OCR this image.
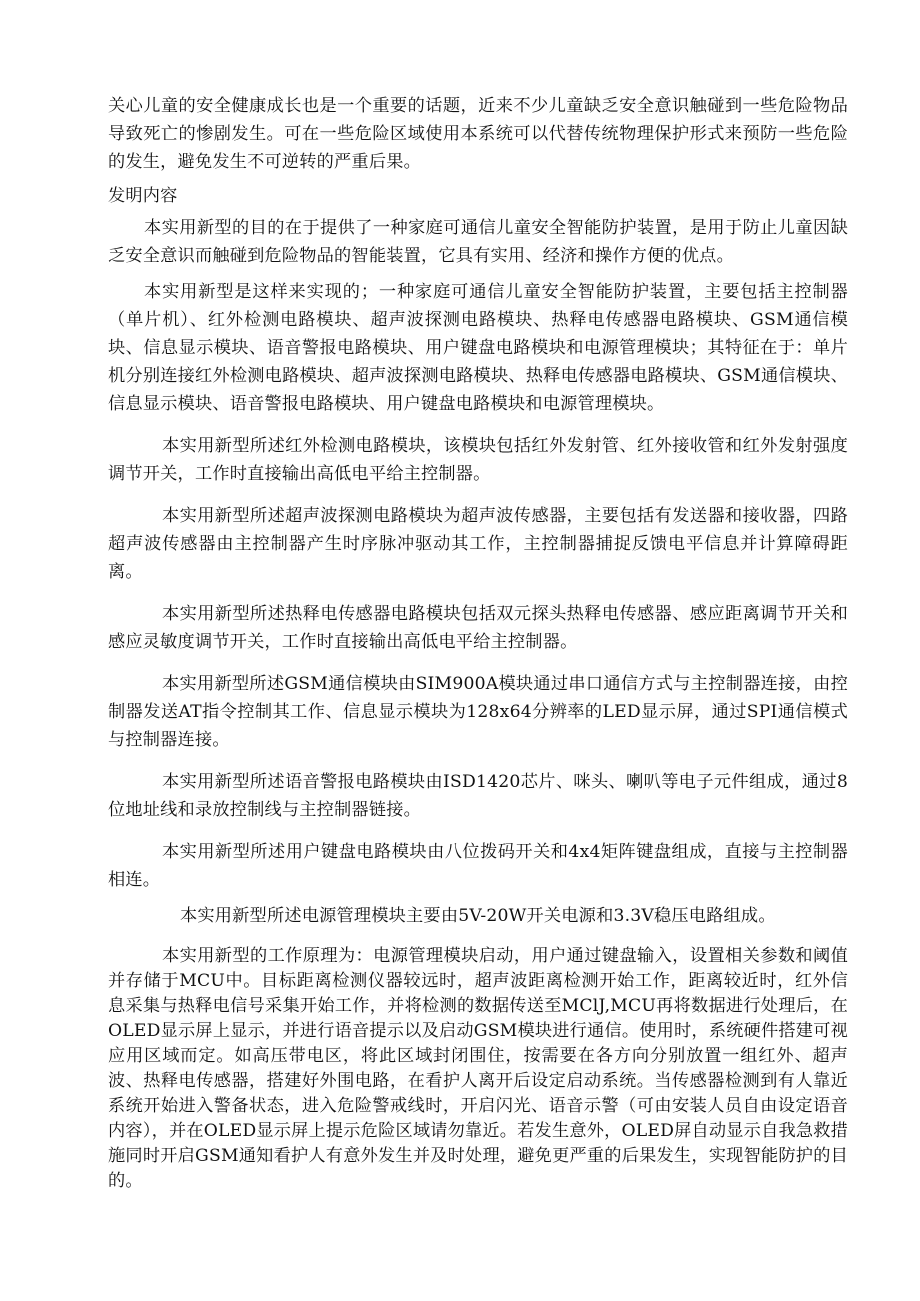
关心儿童的安全健康成长也是一个重要的话题，近来不少儿童缺乏安全意识触碰到一些危险物品导致死亡的惨剧发生。可在一些危险区域使用本系统可以代替传统物理保护形式来预防一些危险的发生，避免发生不可逆转的严重后果。

发明内容

本实用新型的目的在于提供了一种家庭可通信儿童安全智能防护装置，是用于防止儿童因缺乏安全意识而触碰到危险物品的智能装置，它具有实用、经济和操作方便的优点。

本实用新型是这样来实现的；一种家庭可通信儿童安全智能防护装置，主要包括主控制器（单片机）、红外检测电路模块、超声波探测电路模块、热释电传感器电路模块、GSM通信模块、信息显示模块、语音警报电路模块、用户键盘电路模块和电源管理模块；其特征在于：单片机分别连接红外检测电路模块、超声波探测电路模块、热释电传感器电路模块、GSM通信模块、信息显示模块、语音警报电路模块、用户键盘电路模块和电源管理模块。

本实用新型所述红外检测电路模块，该模块包括红外发射管、红外接收管和红外发射强度调节开关，工作时直接输出高低电平给主控制器。

本实用新型所述超声波探测电路模块为超声波传感器，主要包括有发送器和接收器，四路超声波传感器由主控制器产生时序脉冲驱动其工作，主控制器捕捉反馈电平信息并计算障碍距离。

本实用新型所述热释电传感器电路模块包括双元探头热释电传感器、感应距离调节开关和感应灵敏度调节开关，工作时直接输出高低电平给主控制器。

本实用新型所述GSM通信模块由SIM900A模块通过串口通信方式与主控制器连接，由控制器发送AT指令控制其工作、信息显示模块为128x64分辨率的LED显示屏，通过SPI通信模式与控制器连接。

本实用新型所述语音警报电路模块由ISD1420芯片、咪头、喇叭等电子元件组成，通过8位地址线和录放控制线与主控制器链接。

本实用新型所述用户键盘电路模块由八位拨码开关和4x4矩阵键盘组成，直接与主控制器相连。

本实用新型所述电源管理模块主要由5V-20W开关电源和3.3V稳压电路组成。

本实用新型的工作原理为：电源管理模块启动，用户通过键盘输入，设置相关参数和阈值并存储于MCU中。目标距离检测仪器较远时，超声波距离检测开始工作，距离较近时，红外信息采集与热释电信号采集开始工作，并将检测的数据传送至MClJ,MCU再将数据进行处理后，在OLED显示屏上显示，并进行语音提示以及启动GSM模块进行通信。使用时，系统硬件搭建可视应用区域而定。如高压带电区，将此区域封闭围住，按需要在各方向分别放置一组红外、超声波、热释电传感器，搭建好外围电路，在看护人离开后设定启动系统。当传感器检测到有人靠近系统开始进入警备状态，进入危险警戒线时，开启闪光、语音示警（可由安装人员自由设定语音内容），并在OLED显示屏上提示危险区域请勿靠近。若发生意外，OLED屏自动显示自我急救措施同时开启GSM通知看护人有意外发生并及时处理，避免更严重的后果发生，实现智能防护的目的。
